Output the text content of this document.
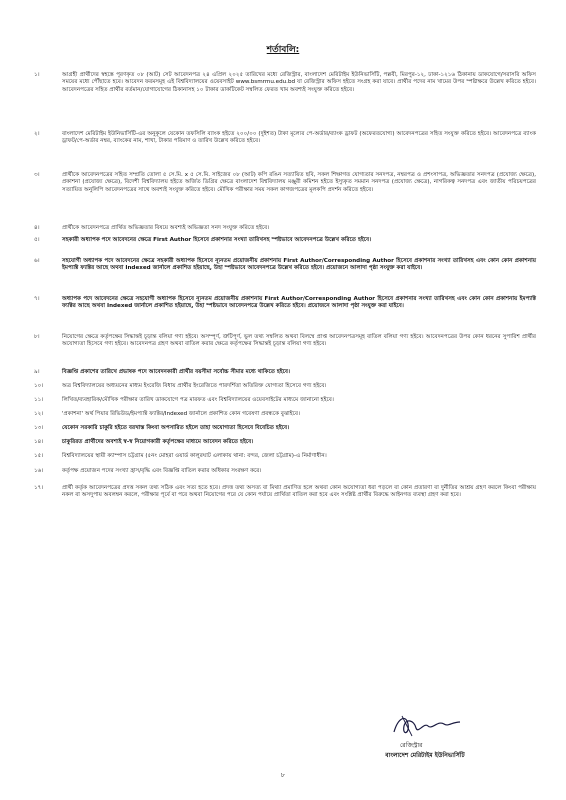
শর্তাবলি:
১।	আগ্রহী প্রার্থীদের স্বহস্তে পূরণকৃত ০৮ (আট) সেট আবেদনপত্র ২৪ এপ্রিল ২০২৫ তারিখের মধ্যে রেজিস্ট্রার, বাংলাদেশ মেরিটাইম ইউনিভার্সিটি, পল্লবী, মিরপুর-১২, ঢাকা-১২১৬ ঠিকানায় ডাকযোগে/সরাসরি অফিস সময়ের মধ্যে পৌঁছাতে হবে। আবেদন ফরমসমূহ এই বিশ্ববিদ্যালয়ের ওয়েবসাইট www.bsmrmu.edu.bd যা রেজিস্ট্রার অফিস হইতে সংগ্রহ করা যাবে। প্রার্থীর পদের নাম খামের উপর স্পষ্টাক্ষরে উল্লেখ করিতে হইবে। আবেদনপত্রের সহিত প্রার্থীর বর্তমান/যোগাযোগের ঠিকানাসহ ১০ টাকার ডাকটিকেট সম্বলিত ফেরত খাম অবশ্যই সংযুক্ত করিতে হইবে।
২।	বাংলাদেশ মেরিটাইম ইউনিভার্সিটি-এর অনুকূলে যেকোন তফসিলি ব্যাংক হইতে ২০০/০০ (দুইশত) টাকা মূল্যের পে-অর্ডার/ব্যাংক ড্রাফট (অফেরতযোগ্য) আবেদনপত্রের সহিত সংযুক্ত করিতে হইবে। আবেদনপত্রে ব্যাংক ড্রাফট/পে-অর্ডার নম্বর, ব্যাংকের নাম, শাখা, টাকার পরিমাণ ও তারিখ উল্লেখ করিতে হইবে।
৩।	প্রার্থীকে আবেদনপত্রের সহিত সম্প্রতি তোলা ৫ সে.মি. x ৫ সে.মি. সাইজের ০৮ (আট) কপি রঙিন সত্যায়িত ছবি, সকল শিক্ষাগত যোগ্যতার সনদপত্র, নম্বরপত্র ও প্রশংসাপত্র, অভিজ্ঞতার সনদপত্র (প্রযোজ্য ক্ষেত্রে), প্রকাশনা (প্রযোজ্য ক্ষেত্রে), বিদেশী বিশ্ববিদ্যালয় হইতে অর্জিত ডিগ্রির ক্ষেত্রে বাংলাদেশ বিশ্ববিদ্যালয় মঞ্জুরী কমিশন হইতে ইস্যুকৃত সমমান সনদপত্র (প্রযোজ্য ক্ষেত্রে), নাগরিকত্ব সনদপত্র এবং জাতীয় পরিচয়পত্রের সত্যায়িত অনুলিপি আবেদনপত্রের সাথে অবশ্যই সংযুক্ত করিতে হইবে। মৌখিক পরীক্ষার সময় সকল কাগজপত্রের মূলকপি প্রদর্শন করিতে হইবে।
৪।	প্রার্থীকে আবেদনপত্রে প্রার্থিত অভিজ্ঞতার বিষয়ে অবশ্যই অভিজ্ঞতা সনদ সংযুক্ত করিতে হইবে।
৫।	সহকারী অধ্যাপক পদে আবেদনের ক্ষেত্রে First Author হিসেবে প্রকাশনার সংখ্যা তারিখসহ স্পষ্টভাবে আবেদনপত্রে উল্লেখ করিতে হইবে।
৬।	সহযোগী অধ্যাপক পদে আবেদনের ক্ষেত্রে সহকারী অধ্যাপক হিসেবে ন্যূনতম প্রয়োজনীয় প্রকাশনায় First Author/Corresponding Author হিসেবে প্রকাশনার সংখ্যা তারিখসহ এবং কোন কোন প্রকাশনায় ইমপ্যাক্ট ফ্যাক্টর আছে অথবা Indexed জার্নালে প্রকাশিত হইয়াছে, উহা স্পষ্টভাবে আবেদনপত্রে উল্লেখ করিতে হইবে। প্রয়োজনে আলাদা পৃষ্ঠা সংযুক্ত করা যাইবে।
৭।	অধ্যাপক পদে আবেদনের ক্ষেত্রে সহযোগী অধ্যাপক হিসেবে ন্যূনতম প্রয়োজনীয় প্রকাশনায় First Author/Corresponding Author হিসেবে প্রকাশনার সংখ্যা তারিখসহ এবং কোন কোন প্রকাশনায় ইমপ্যাক্ট ফ্যাক্টর আছে অথবা Indexed জার্নালে প্রকাশিত হইয়াছে, উহা স্পষ্টভাবে আবেদনপত্রে উল্লেখ করিতে হইবে। প্রয়োজনে আলাদা পৃষ্ঠা সংযুক্ত করা যাইবে।
৮।	নিয়োগের ক্ষেত্রে কর্তৃপক্ষের সিদ্ধান্তই চূড়ান্ত বলিয়া গণ্য হইবে। অসম্পূর্ণ, ত্রুটিপূর্ণ, ভুল তথ্য সম্বলিত অথবা বিলম্বে প্রাপ্ত আবেদনপত্রসমূহ বাতিল বলিয়া গণ্য হইবে। আবেদনপত্রের উপর কোন ধরনের সুপারিশ প্রার্থীর অযোগ্যতা হিসেবে গণ্য হইবে। আবেদনপত্র গ্রহণ অথবা বাতিল করার ক্ষেত্রে কর্তৃপক্ষের সিদ্ধান্তই চূড়ান্ত বলিয়া গণ্য হইবে।
৯।	বিজ্ঞপ্তি প্রকাশের তারিখে প্রভাষক পদে আবেদনকারী প্রার্থীর বয়সীমা সর্বোচ্চ সীমার মধ্যে থাকিতে হইবে।
১০।	অত্র বিশ্ববিদ্যালয়ের অধ্যয়নের মাধ্যম ইংরেজি বিধায় প্রার্থীর ইংরেজিতে পারদর্শিতা অতিরিক্ত যোগ্যতা হিসেবে গণ্য হইবে।
১১।	লিখিত/ব্যবহারিক/মৌখিক পরীক্ষার তারিখ ডাকযোগে পত্র মারফত এবং বিশ্ববিদ্যালয়ের ওয়েবসাইটের মাধ্যমে জানানো হইবে।
১২।	'প্রকাশনা' অর্থ পিয়ার রিভিউড/ইমপ্যাক্ট ফ্যাক্টর/Indexed জার্নালে প্রকাশিত কোন গবেষণা প্রবন্ধকে বুঝাইবে।
১৩।	যেকোন সরকারি চাকুরি হইতে বরখাস্ত কিংবা অপসারিত হইলে তাহা অযোগ্যতা হিসেবে বিবেচিত হইবে।
১৪।	চাকুরিরত প্রার্থীদের অবশ্যই স্ব-স্ব নিয়োগকারী কর্তৃপক্ষের মাধ্যমে আবেদন করিতে হইবে।
১৫।	বিশ্ববিদ্যালয়ের স্থায়ী ক্যাম্পাস চট্টগ্রাম (৫নং মোহরা ওয়ার্ড কালুরঘাট এলাকায় থানা: বন্দর, জেলা চট্টগ্রাম)-এ নির্মাণাধীন।
১৬।	কর্তৃপক্ষ প্রয়োজন পদের সংখ্যা হ্রাস/বৃদ্ধি এবং বিজ্ঞপ্তি বাতিল করার অধিকার সংরক্ষণ করে।
১৭।	প্রার্থী কর্তৃক আবেদনপত্রের প্রদত্ত সকল তথ্য সঠিক এবং সত্য হতে হবে। প্রদত্ত তথ্য অসত্য বা মিথ্যা প্রমাণিত হলে অথবা কোন অযোগ্যতা ধরা পড়লে বা কোন প্রতারণা বা দুর্নীতির আশ্রয় গ্রহণ করলে কিংবা পরীক্ষায় নকল বা অসদুপায় অবলম্বন করলে, পরীক্ষার পূর্বে বা পরে অথবা নিয়োগের পরে যে কোন পর্যায়ে প্রার্থিতা বাতিল করা হবে এবং সংশ্লিষ্ট প্রার্থীর বিরুদ্ধে আইনগত ব্যবস্থা গ্রহণ করা হবে।
রেজিস্ট্রার
বাংলাদেশ মেরিটাইম ইউনিভার্সিটি
৮
